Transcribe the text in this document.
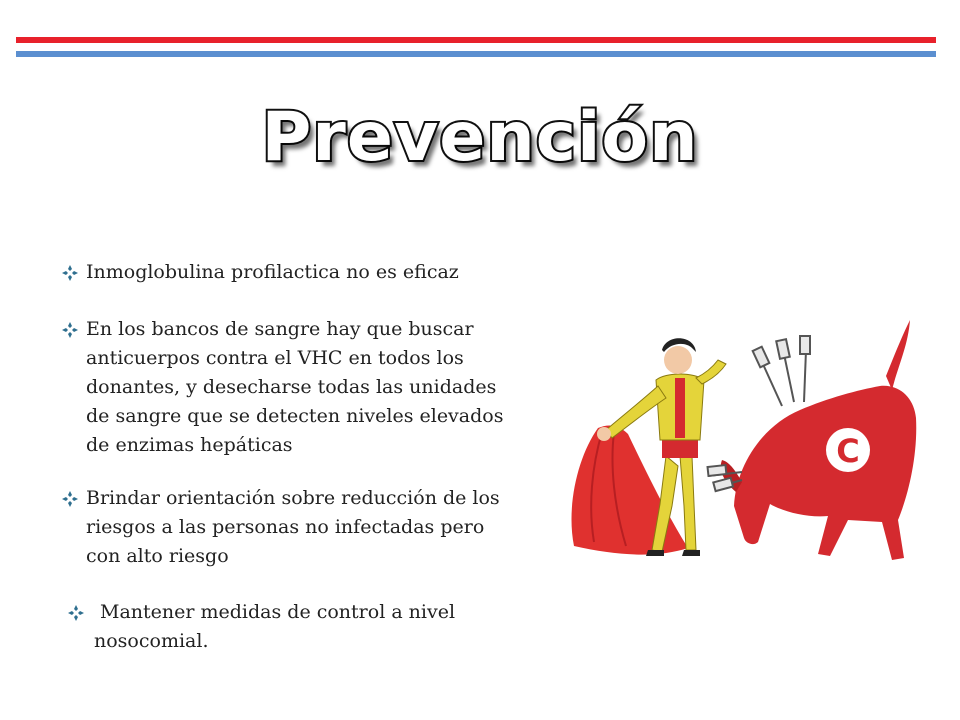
Prevención
Inmoglobulina profilactica no es eficaz
En los bancos de sangre hay que buscar anticuerpos contra el VHC en todos los donantes, y desecharse todas las unidades de sangre que se detecten niveles elevados de enzimas hepáticas
Brindar orientación sobre reducción de los riesgos a las personas no infectadas pero con alto riesgo
Mantener medidas de control a nivel
nosocomial.
C
